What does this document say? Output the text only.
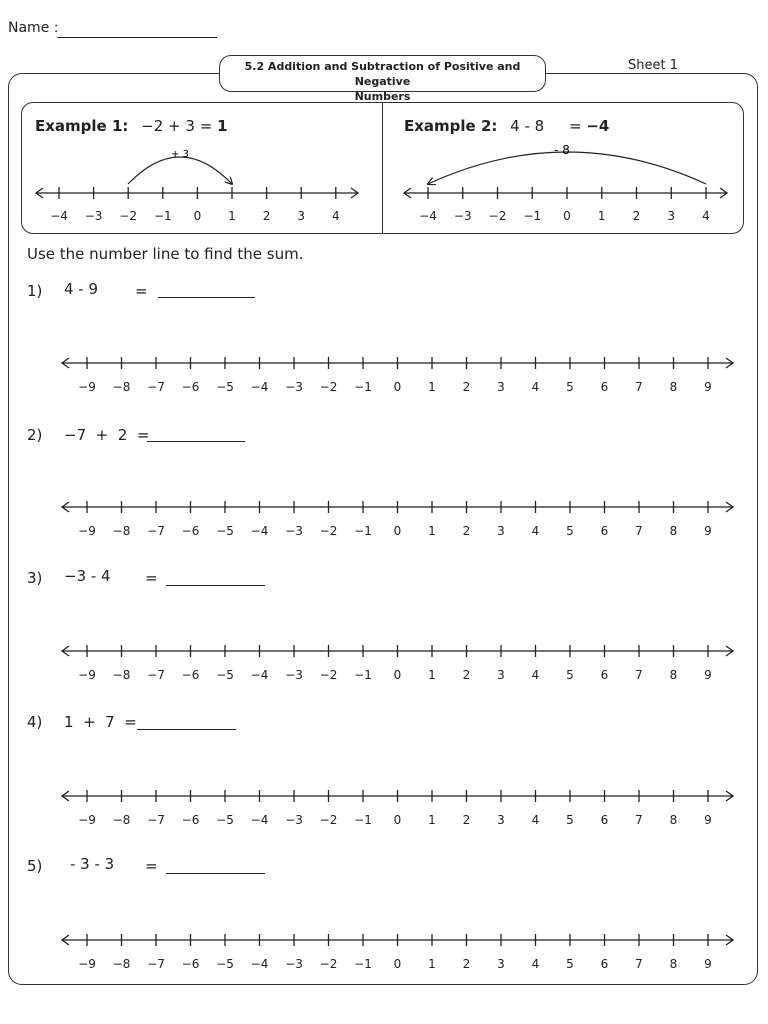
Name :
Sheet 1
5.2 Addition and Subtraction of Positive and Negative
Numbers
Example 1: −2 + 3 = 1	Example 2: 4 - 8 = −4
−4 −3 −2 −1 0 1 2 3 4
+ 3
−4 −3 −2 −1 0 1 2 3 4
- 8
−9 −8 −7 −6 −5 −4 −3 −2 −1 0 1 2 3 4 5 6 7 8 9
−9 −8 −7 −6 −5 −4 −3 −2 −1 0 1 2 3 4 5 6 7 8 9
−9 −8 −7 −6 −5 −4 −3 −2 −1 0 1 2 3 4 5 6 7 8 9
−9 −8 −7 −6 −5 −4 −3 −2 −1 0 1 2 3 4 5 6 7 8 9
−9 −8 −7 −6 −5 −4 −3 −2 −1 0 1 2 3 4 5 6 7 8 9
Use the number line to find the sum.
1) 4 - 9 =
2) −7  +  2  =
3) −3 - 4 =
4) 1  +  7  =
5) - 3 - 3 =
